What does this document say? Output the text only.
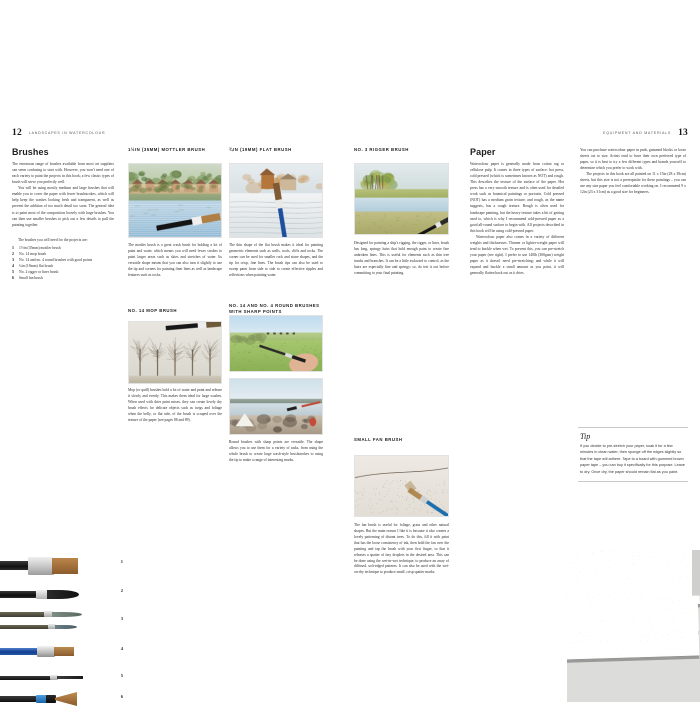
12 LANDSCAPES IN WATERCOLOUR
Brushes

The enormous range of brushes available from most art suppliers can seem confusing to start with. However, you won't need one of each variety to paint the projects in this book; a few classic types of brush will serve you perfectly well.

You will be using mostly medium and large brushes that will enable you to cover the paper with fewer brushstrokes, which will help keep the washes looking fresh and transparent, as well as prevent the addition of too much detail too soon. The general idea is to paint most of the composition loosely with large brushes. You can then use smaller brushes to pick out a few details to pull the painting together.

The brushes you will need for the projects are:

1 1½in (35mm) mottler brush
2 No. 14 mop brush
3 No. 14 and no. 4 round brushes with good points
4 ¾in (19mm) flat brush
5 No. 2 rigger or liner brush
6 Small fan brush
1½IN (35MM) MOTTLER BRUSH

The mottler brush is a great wash brush for holding a lot of paint and water, which means you will need fewer strokes to paint larger areas such as skies and stretches of water. Its versatile shape means that you can also turn it slightly to use the tip and corners for painting finer lines as well as landscape features such as rocks.

¾IN (19MM) FLAT BRUSH

The thin shape of the flat brush makes it ideal for painting geometric elements such as walls, roofs, cliffs and rocks. The corner can be used for smaller rock and stone shapes, and the tip for crisp, fine lines. The brush tips can also be used to sweep paint from side to side to create effective ripples and reflections when painting water.

NO. 14 MOP BRUSH

Mop (or quill) brushes hold a lot of water and paint and release it slowly and evenly. This makes them ideal for large washes. When used with drier paint mixes, they can create lovely dry brush effects for delicate objects such as twigs and foliage when the belly, or flat side, of the brush is scraped over the texture of the paper (see pages 88 and 89).

NO. 14 AND NO. 4 ROUND BRUSHES WITH SHARP POINTS

Round brushes with sharp points are versatile. The shape allows you to use them for a variety of tasks, from using the whole brush to create large wash-style brushstrokes to using the tip to make a range of interesting marks.

1
2
3
4
5
6
EQUIPMENT AND MATERIALS 13
NO. 3 RIGGER BRUSH

Designed for painting a ship's rigging, the rigger, or liner, brush has long, springy hairs that hold enough paint to create fine unbroken lines. This is useful for elements such as thin tree trunks and branches. It can be a little awkward to control, as the hairs are especially fine and springy; so, do test it out before committing to your final painting.

SMALL FAN BRUSH

The fan brush is useful for foliage, grass and other natural shapes. But the main reason I like it is because it also creates a lovely patterning of distant trees. To do this, fill it with paint that has the loose consistency of ink, then hold the fan over the painting and tap the brush with your first finger, so that it releases a spatter of tiny droplets in the desired area. This can be done using the wet-in-wet technique, to produce an array of diffused, soft-edged patterns. It can also be used with the wet-on-dry technique to produce small, crisp spatter marks.

Paper

Watercolour paper is generally made from cotton rag or cellulose pulp. It comes in three types of surface: hot press, cold pressed (which is sometimes known as NOT) and rough. This describes the texture of the surface of the paper. Hot press has a very smooth texture and is often used for detailed work such as botanical paintings or portraits. Cold pressed (NOT) has a medium grain texture; and rough, as the name suggests, has a rough texture. Rough is often used for landscape painting, but the heavy texture takes a bit of getting used to, which is why I recommend cold-pressed paper as a good all-round surface to begin with. All projects described in this book will be using cold-pressed paper.

Watercolour paper also comes in a variety of different weights and thicknesses. Thinner or lighter-weight paper will tend to buckle when wet. To prevent this, you can pre-stretch your paper (see right). I prefer to use 140lb (300gsm) weight paper as it doesn't need pre-stretching; and while it will expand and buckle a small amount as you paint, it will generally flatten back out as it dries.

You can purchase watercolour paper in pads, gummed blocks or loose sheets cut to size. Artists tend to have their own preferred type of paper, so it is best to try a few different types and brands yourself to determine which you prefer to work with.

The projects in this book are all painted on 11 x 15in (28 x 38cm) sheets, but this size is not a prerequisite for these paintings – you can use any size paper you feel comfortable working on. I recommend 9 x 12in (23 x 31cm) as a good size for beginners.

Tip

If you decide to pre-stretch your paper, soak it for a few minutes in clean water, then sponge off the edges slightly so that the tape will adhere. Tape to a board with gummed brown paper tape – you can buy it specifically for this purpose. Leave to dry. Once dry, the paper should remain flat as you paint.
